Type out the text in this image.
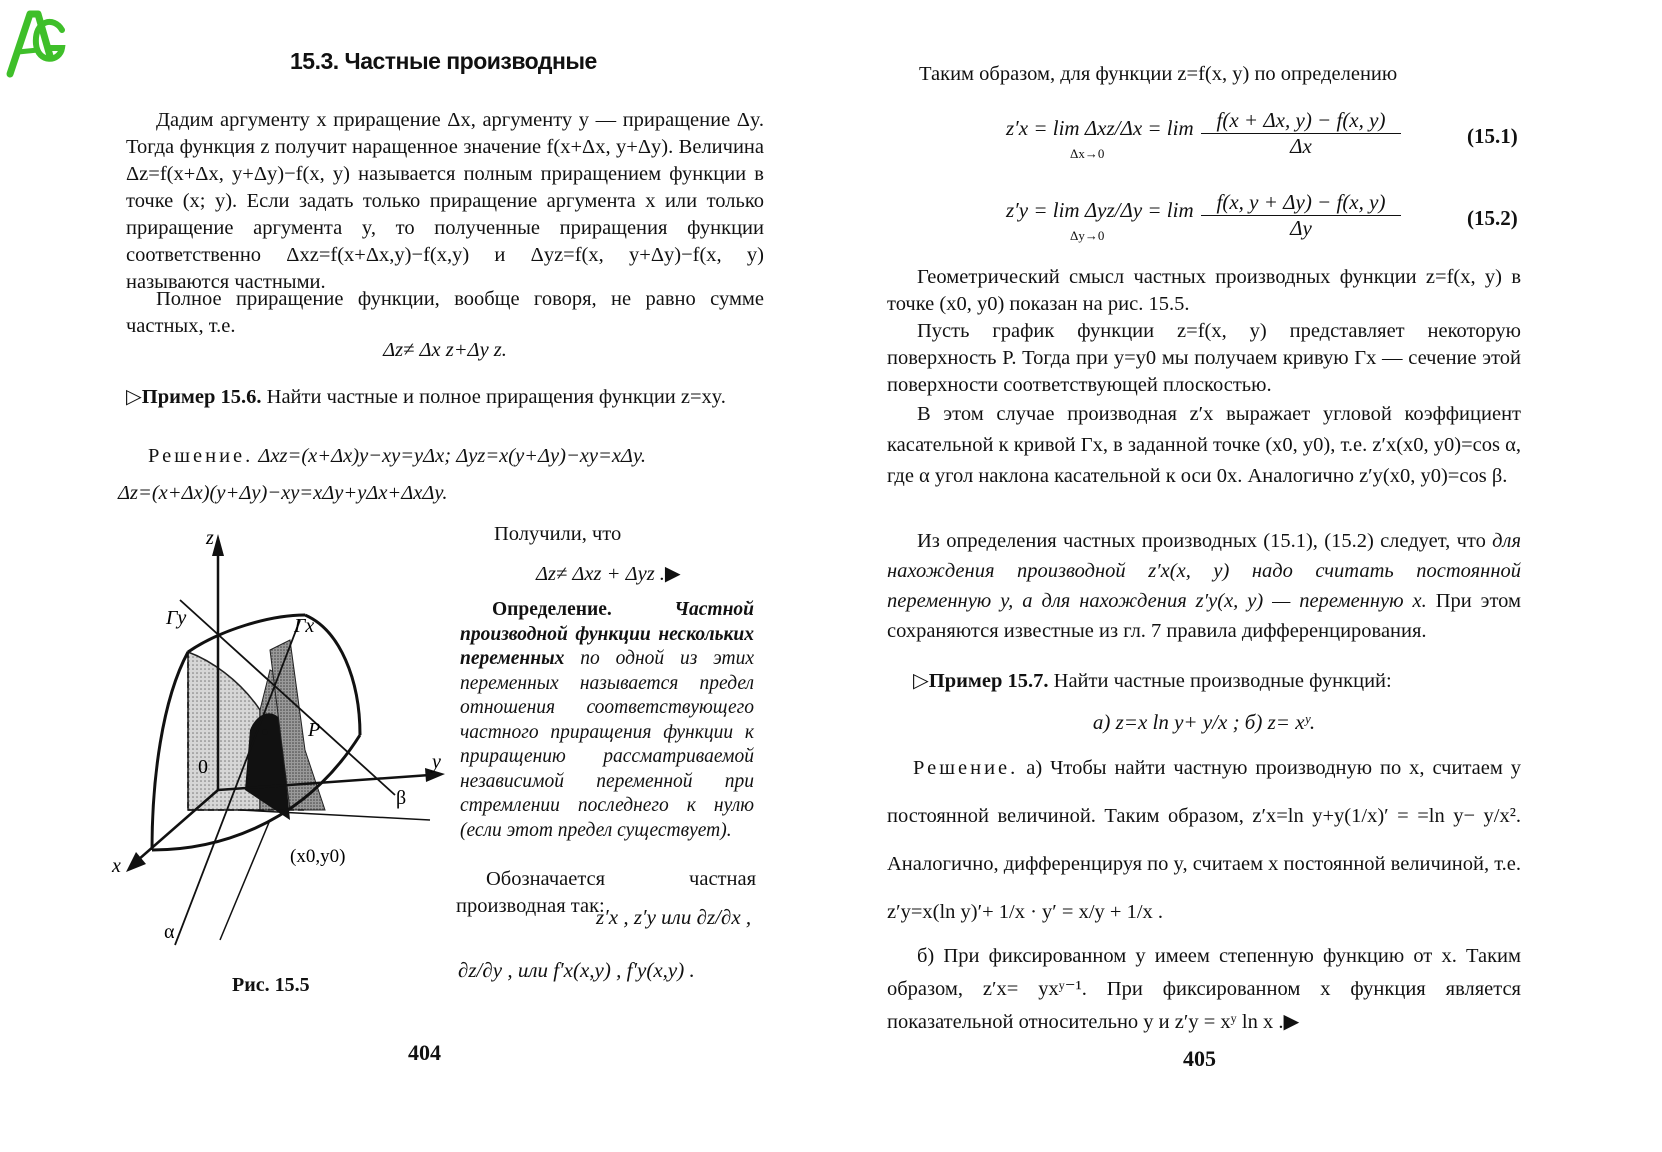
15.3. Частные производные

Дадим аргументу x приращение Δx, аргументу y — приращение Δy. Тогда функция z получит наращенное значение f(x+Δx, y+Δy). Величина Δz=f(x+Δx, y+Δy)−f(x, y) называется полным приращением функции в точке (x; y). Если задать только приращение аргумента x или только приращение аргумента y, то полученные приращения функции соответственно Δxz=f(x+Δx,y)−f(x,y) и Δyz=f(x, y+Δy)−f(x, y) называются частными.

Полное приращение функции, вообще говоря, не равно сумме частных, т.е.

Δz≠ Δx z+Δy z.
▷Пример 15.6. Найти частные и полное приращения функции z=xy.
Решение. Δxz=(x+Δx)y−xy=yΔx; Δyz=x(y+Δy)−xy=xΔy.
Δz=(x+Δx)(y+Δy)−xy=xΔy+yΔx+ΔxΔy.
z
y
x
0
P
Γy	Γx
α
β
(x0,y0)
Рис. 15.5
Получили, что
Δz≠ Δxz + Δyz .▶

Определение.	Частной производной функции нескольких переменных по одной из этих переменных называется предел отношения соответствующего частного приращения функции к приращению рассматриваемой независимой переменной при стремлении последнего к нулю (если этот предел существует).

Обозначается частная производная так:
z′x , z′y или ∂z/∂x ,
∂z/∂y , или f′x(x,y) , f′y(x,y) .
404
Таким образом, для функции z=f(x, y) по определению
z′x = lim Δxz/Δx = lim
Δx→0	$\frac{f(x + \Delta x, y) - f(x, y)}{\Delta x}$	(15.1)
z′y = lim Δyz/Δy = lim
Δy→0	$\frac{f(x, y + \Delta y) - f(x, y)}{\Delta y}$	(15.2)

Геометрический смысл частных производных функции z=f(x, y) в точке (x0, y0) показан на рис. 15.5.

Пусть график функции z=f(x, y) представляет некоторую поверхность P. Тогда при y=y0 мы получаем кривую Γx — сечение этой поверхности соответствующей плоскостью.

В этом случае производная z′x выражает угловой коэффициент касательной к кривой Γx, в заданной точке (x0, y0), т.е. z′x(x0, y0)=cos α, где α угол наклона касательной к оси 0x. Аналогично z′y(x0, y0)=cos β.

Из определения частных производных (15.1), (15.2) следует, что для нахождения производной z′x(x, y) надо считать постоянной переменную y, а для нахождения z′y(x, y) — переменную x. При этом сохраняются известные из гл. 7 правила дифференцирования.

▷Пример 15.7. Найти частные производные функций:
а) z=x ln y+ y/x ; б) z= xʸ.

Решение. а) Чтобы найти частную производную по x, считаем y постоянной величиной. Таким образом, z′x=ln y+y(1/x)′ = =ln y− y/x². Аналогично, дифференцируя по y, считаем x постоянной величиной, т.е. z′y=x(ln y)′+ 1/x · y′ = x/y + 1/x .

б) При фиксированном y имеем степенную функцию от x. Таким образом, z′x= yxʸ⁻¹. При фиксированном x функция является показательной относительно y и z′y = xʸ ln x .▶

405
